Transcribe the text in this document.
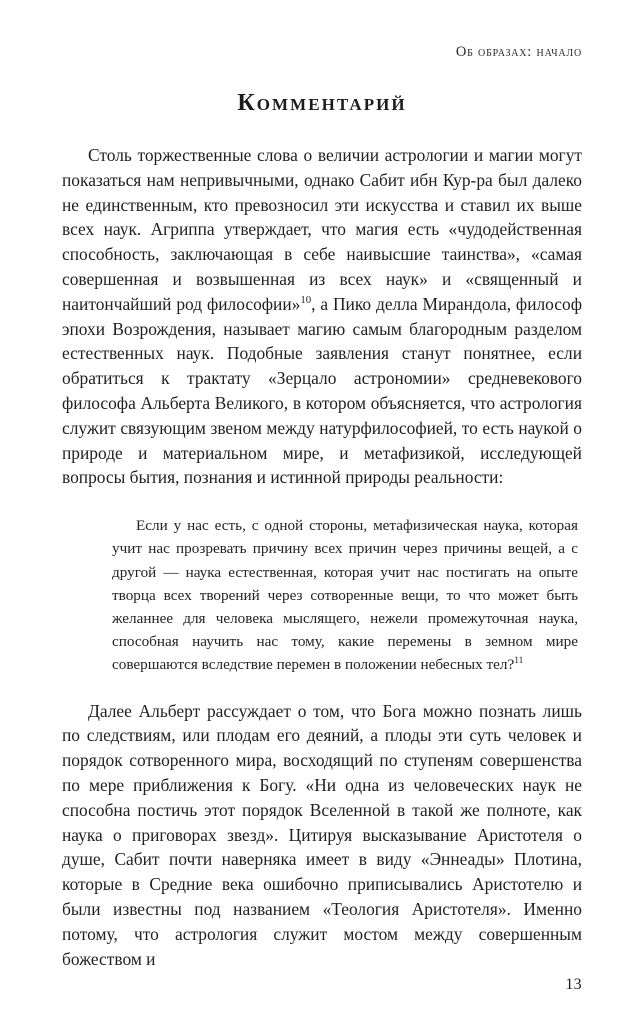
Об образах: начало
Комментарий

Столь торжественные слова о величии астрологии и магии могут показаться нам непривычными, однако Сабит ибн Кур-ра был далеко не единственным, кто превозносил эти искусства и ставил их выше всех наук. Агриппа утверждает, что магия есть «чудодейственная способность, заключающая в себе наивысшие таинства», «самая совершенная и возвышенная из всех наук» и «священный и наитончайший род философии»$^{10}$, а Пико делла Мирандола, философ эпохи Возрождения, называет магию самым благородным разделом естественных наук. Подобные заявления станут понятнее, если обратиться к трактату «Зерцало астрономии» средневекового философа Альберта Великого, в котором объясняется, что астрология служит связующим звеном между натурфилософией, то есть наукой о природе и материальном мире, и метафизикой, исследующей вопросы бытия, познания и истинной природы реальности:

Если у нас есть, с одной стороны, метафизическая наука, которая учит нас прозревать причину всех причин через причины вещей, а с другой — наука естественная, которая учит нас постигать на опыте творца всех творений через сотворенные вещи, то что может быть желаннее для человека мыслящего, нежели промежуточная наука, способная научить нас тому, какие перемены в земном мире совершаются вследствие перемен в положении небесных тел?$^{11}$

Далее Альберт рассуждает о том, что Бога можно познать лишь по следствиям, или плодам его деяний, а плоды эти суть человек и порядок сотворенного мира, восходящий по ступеням совершенства по мере приближения к Богу. «Ни одна из человеческих наук не способна постичь этот порядок Вселенной в такой же полноте, как наука о приговорах звезд». Цитируя высказывание Аристотеля о душе, Сабит почти наверняка имеет в виду «Эннеады» Плотина, которые в Средние века ошибочно приписывались Аристотелю и были известны под названием «Теология Аристотеля». Именно потому, что астрология служит мостом между совершенным божеством и

13
